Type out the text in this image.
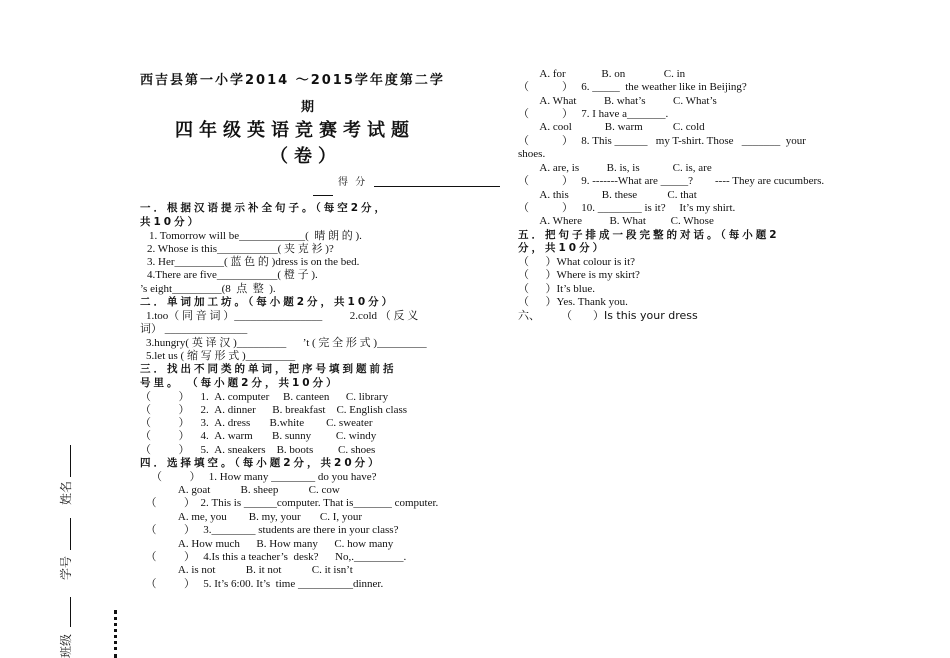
西吉县第一小学2014 ～2015学年度第二学
期
四年级英语竞赛考试题
（卷）
得 分
一．根据汉语提示补全句子。（每空2分，
共10分）
1. Tomorrow will be____________(  晴 朗 的 ).
2. Whose is this___________( 夹 克 衫 )?
3. Her_________( 蓝 色 的 )dress is on the bed.
4.There are five___________( 橙 子 ).
’s eight_________(8  点  整  ).
二．单词加工坊。（每小题2分，共10分）
1.too（ 同 音 词 ）________________          2.cold （ 反 义
词） _______________
3.hungry( 英 译 汉 )_________      ’t ( 完 全 形 式 )_________
5.let us ( 缩 写 形 式 )_________
三．找出不同类的单词，把序号填到题前括
号里。 （每小题2分，共10分）
（          ）    1.  A. computer     B. canteen      C. library
（          ）    2.  A. dinner      B. breakfast    C. English class
（          ）    3.  A. dress       B.white        C. sweater
（          ）    4.  A. warm       B. sunny         C. windy
（          ）    5.  A. sneakers    B. boots         C. shoes
四．选择填空。（每小题2分，共20分）
（          ）   1. How many ________ do you have?
A. goat           B. sheep           C. cow
（          ）  2. This is ______computer. That is_______ computer.
A. me, you        B. my, your       C. I, your
（          ）   3.________ students are there in your class?
A. How much      B. How many      C. how many
（          ）   4.Is this a teacher’s  desk?      No,._________.
A. is not           B. it not           C. it isn’t
（          ）   5. It’s 6:00. It’s  time __________dinner.
A. for             B. on              C. in
（            ）   6. _____  the weather like in Beijing?
A. What          B. what’s          C. What’s
（            ）   7. I have a_______.
A. cool            B. warm           C. cold
（            ）   8. This ______   my T-shirt. Those   _______  your
shoes.
A. are, is          B. is, is            C. is, are
（            ）   9. -------What are _____?        ---- They are cucumbers.
A. this            B. these           C. that
（            ）   10. ________ is it?     It’s my shirt.
A. Where          B. What         C. Whose
五．把句子排成一段完整的对话。（每小题2
分，共10分）
（      ）What colour is it?
（      ）Where is my skirt?
（      ）It’s blue.
（      ）Yes. Thank you.
六、      （      ）Is this your dress
姓名
学号
班级
